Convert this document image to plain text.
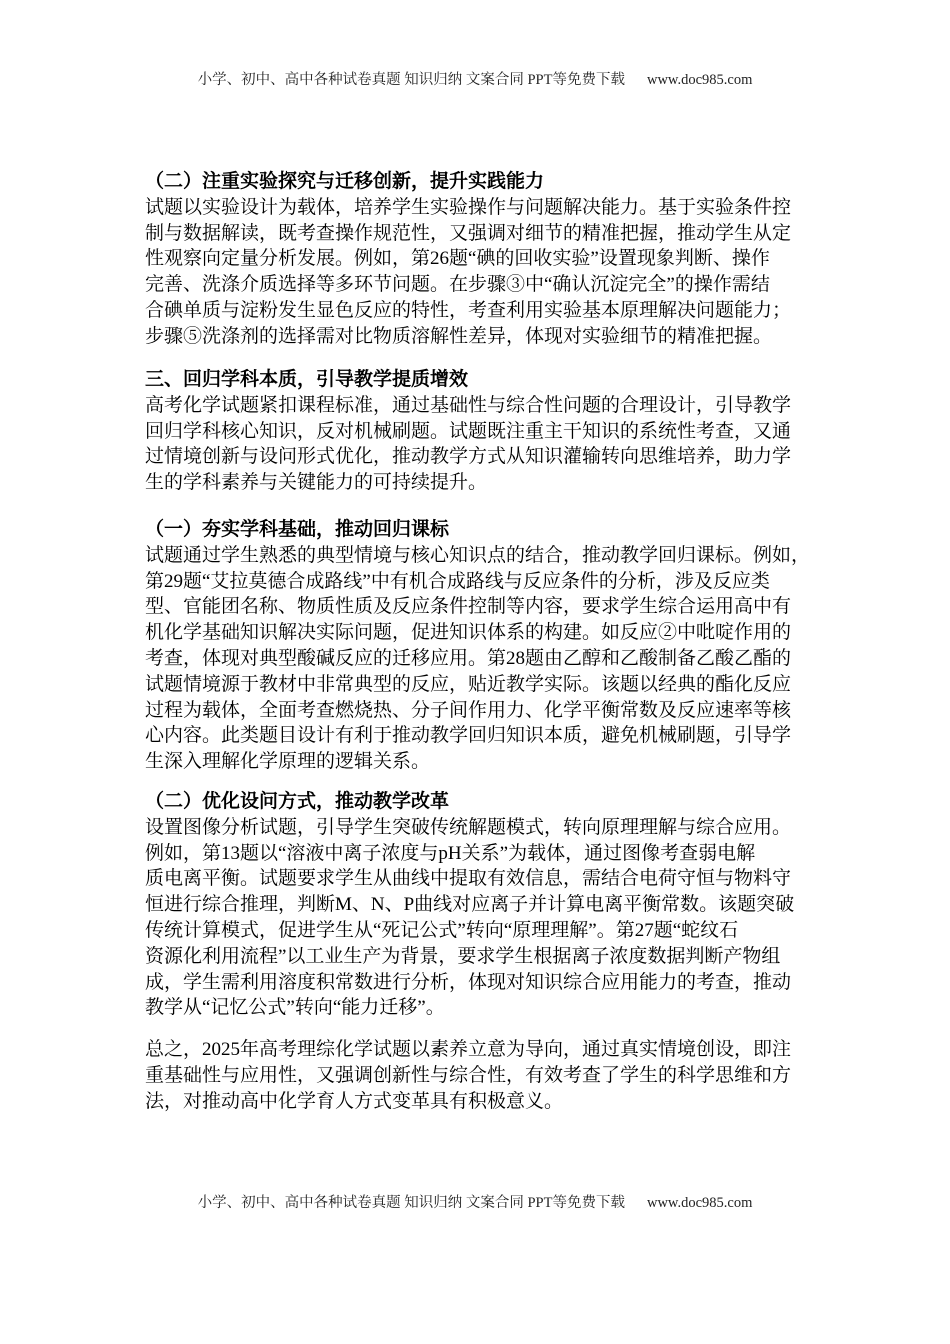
小学、初中、高中各种试卷真题 知识归纳 文案合同 PPT等免费下载 www.doc985.com
（二）注重实验探究与迁移创新，提升实践能力
试题以实验设计为载体，培养学生实验操作与问题解决能力。基于实验条件控
制与数据解读，既考查操作规范性，又强调对细节的精准把握，推动学生从定
性观察向定量分析发展。例如，第26题“碘的回收实验”设置现象判断、操作
完善、洗涤介质选择等多环节问题。在步骤③中“确认沉淀完全”的操作需结
合碘单质与淀粉发生显色反应的特性，考查利用实验基本原理解决问题能力；
步骤⑤洗涤剂的选择需对比物质溶解性差异，体现对实验细节的精准把握。
三、回归学科本质，引导教学提质增效
高考化学试题紧扣课程标准，通过基础性与综合性问题的合理设计，引导教学
回归学科核心知识，反对机械刷题。试题既注重主干知识的系统性考查，又通
过情境创新与设问形式优化，推动教学方式从知识灌输转向思维培养，助力学
生的学科素养与关键能力的可持续提升。
（一）夯实学科基础，推动回归课标
试题通过学生熟悉的典型情境与核心知识点的结合，推动教学回归课标。例如，
第29题“艾拉莫德合成路线”中有机合成路线与反应条件的分析，涉及反应类
型、官能团名称、物质性质及反应条件控制等内容，要求学生综合运用高中有
机化学基础知识解决实际问题，促进知识体系的构建。如反应②中吡啶作用的
考查，体现对典型酸碱反应的迁移应用。第28题由乙醇和乙酸制备乙酸乙酯的
试题情境源于教材中非常典型的反应，贴近教学实际。该题以经典的酯化反应
过程为载体，全面考查燃烧热、分子间作用力、化学平衡常数及反应速率等核
心内容。此类题目设计有利于推动教学回归知识本质，避免机械刷题，引导学
生深入理解化学原理的逻辑关系。
（二）优化设问方式，推动教学改革
设置图像分析试题，引导学生突破传统解题模式，转向原理理解与综合应用。
例如，第13题以“溶液中离子浓度与pH关系”为载体，通过图像考查弱电解
质电离平衡。试题要求学生从曲线中提取有效信息，需结合电荷守恒与物料守
恒进行综合推理，判断M、N、P曲线对应离子并计算电离平衡常数。该题突破
传统计算模式，促进学生从“死记公式”转向“原理理解”。第27题“蛇纹石
资源化利用流程”以工业生产为背景，要求学生根据离子浓度数据判断产物组
成，学生需利用溶度积常数进行分析，体现对知识综合应用能力的考查，推动
教学从“记忆公式”转向“能力迁移”。
总之，2025年高考理综化学试题以素养立意为导向，通过真实情境创设，即注
重基础性与应用性，又强调创新性与综合性，有效考查了学生的科学思维和方
法，对推动高中化学育人方式变革具有积极意义。
小学、初中、高中各种试卷真题 知识归纳 文案合同 PPT等免费下载 www.doc985.com
